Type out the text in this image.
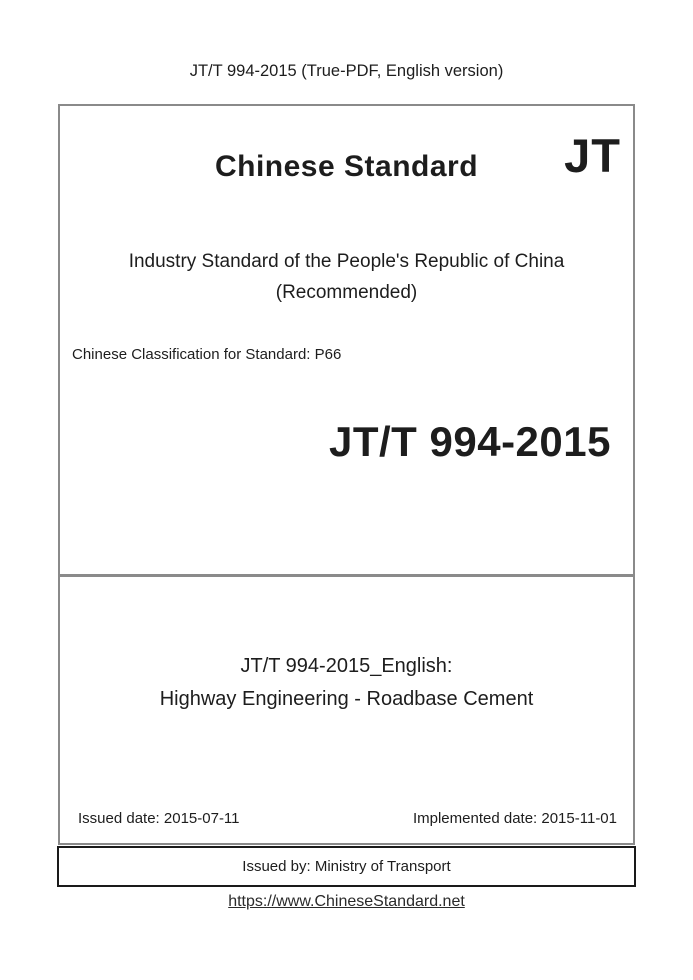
JT/T 994-2015 (True-PDF, English version)
Chinese Standard	JT
Industry Standard of the People's Republic of China
(Recommended)
Chinese Classification for Standard: P66
JT/T 994-2015
JT/T 994-2015_English:
Highway Engineering - Roadbase Cement
Issued date: 2015-07-11	Implemented date: 2015-11-01
Issued by: Ministry of Transport
https://www.ChineseStandard.net
